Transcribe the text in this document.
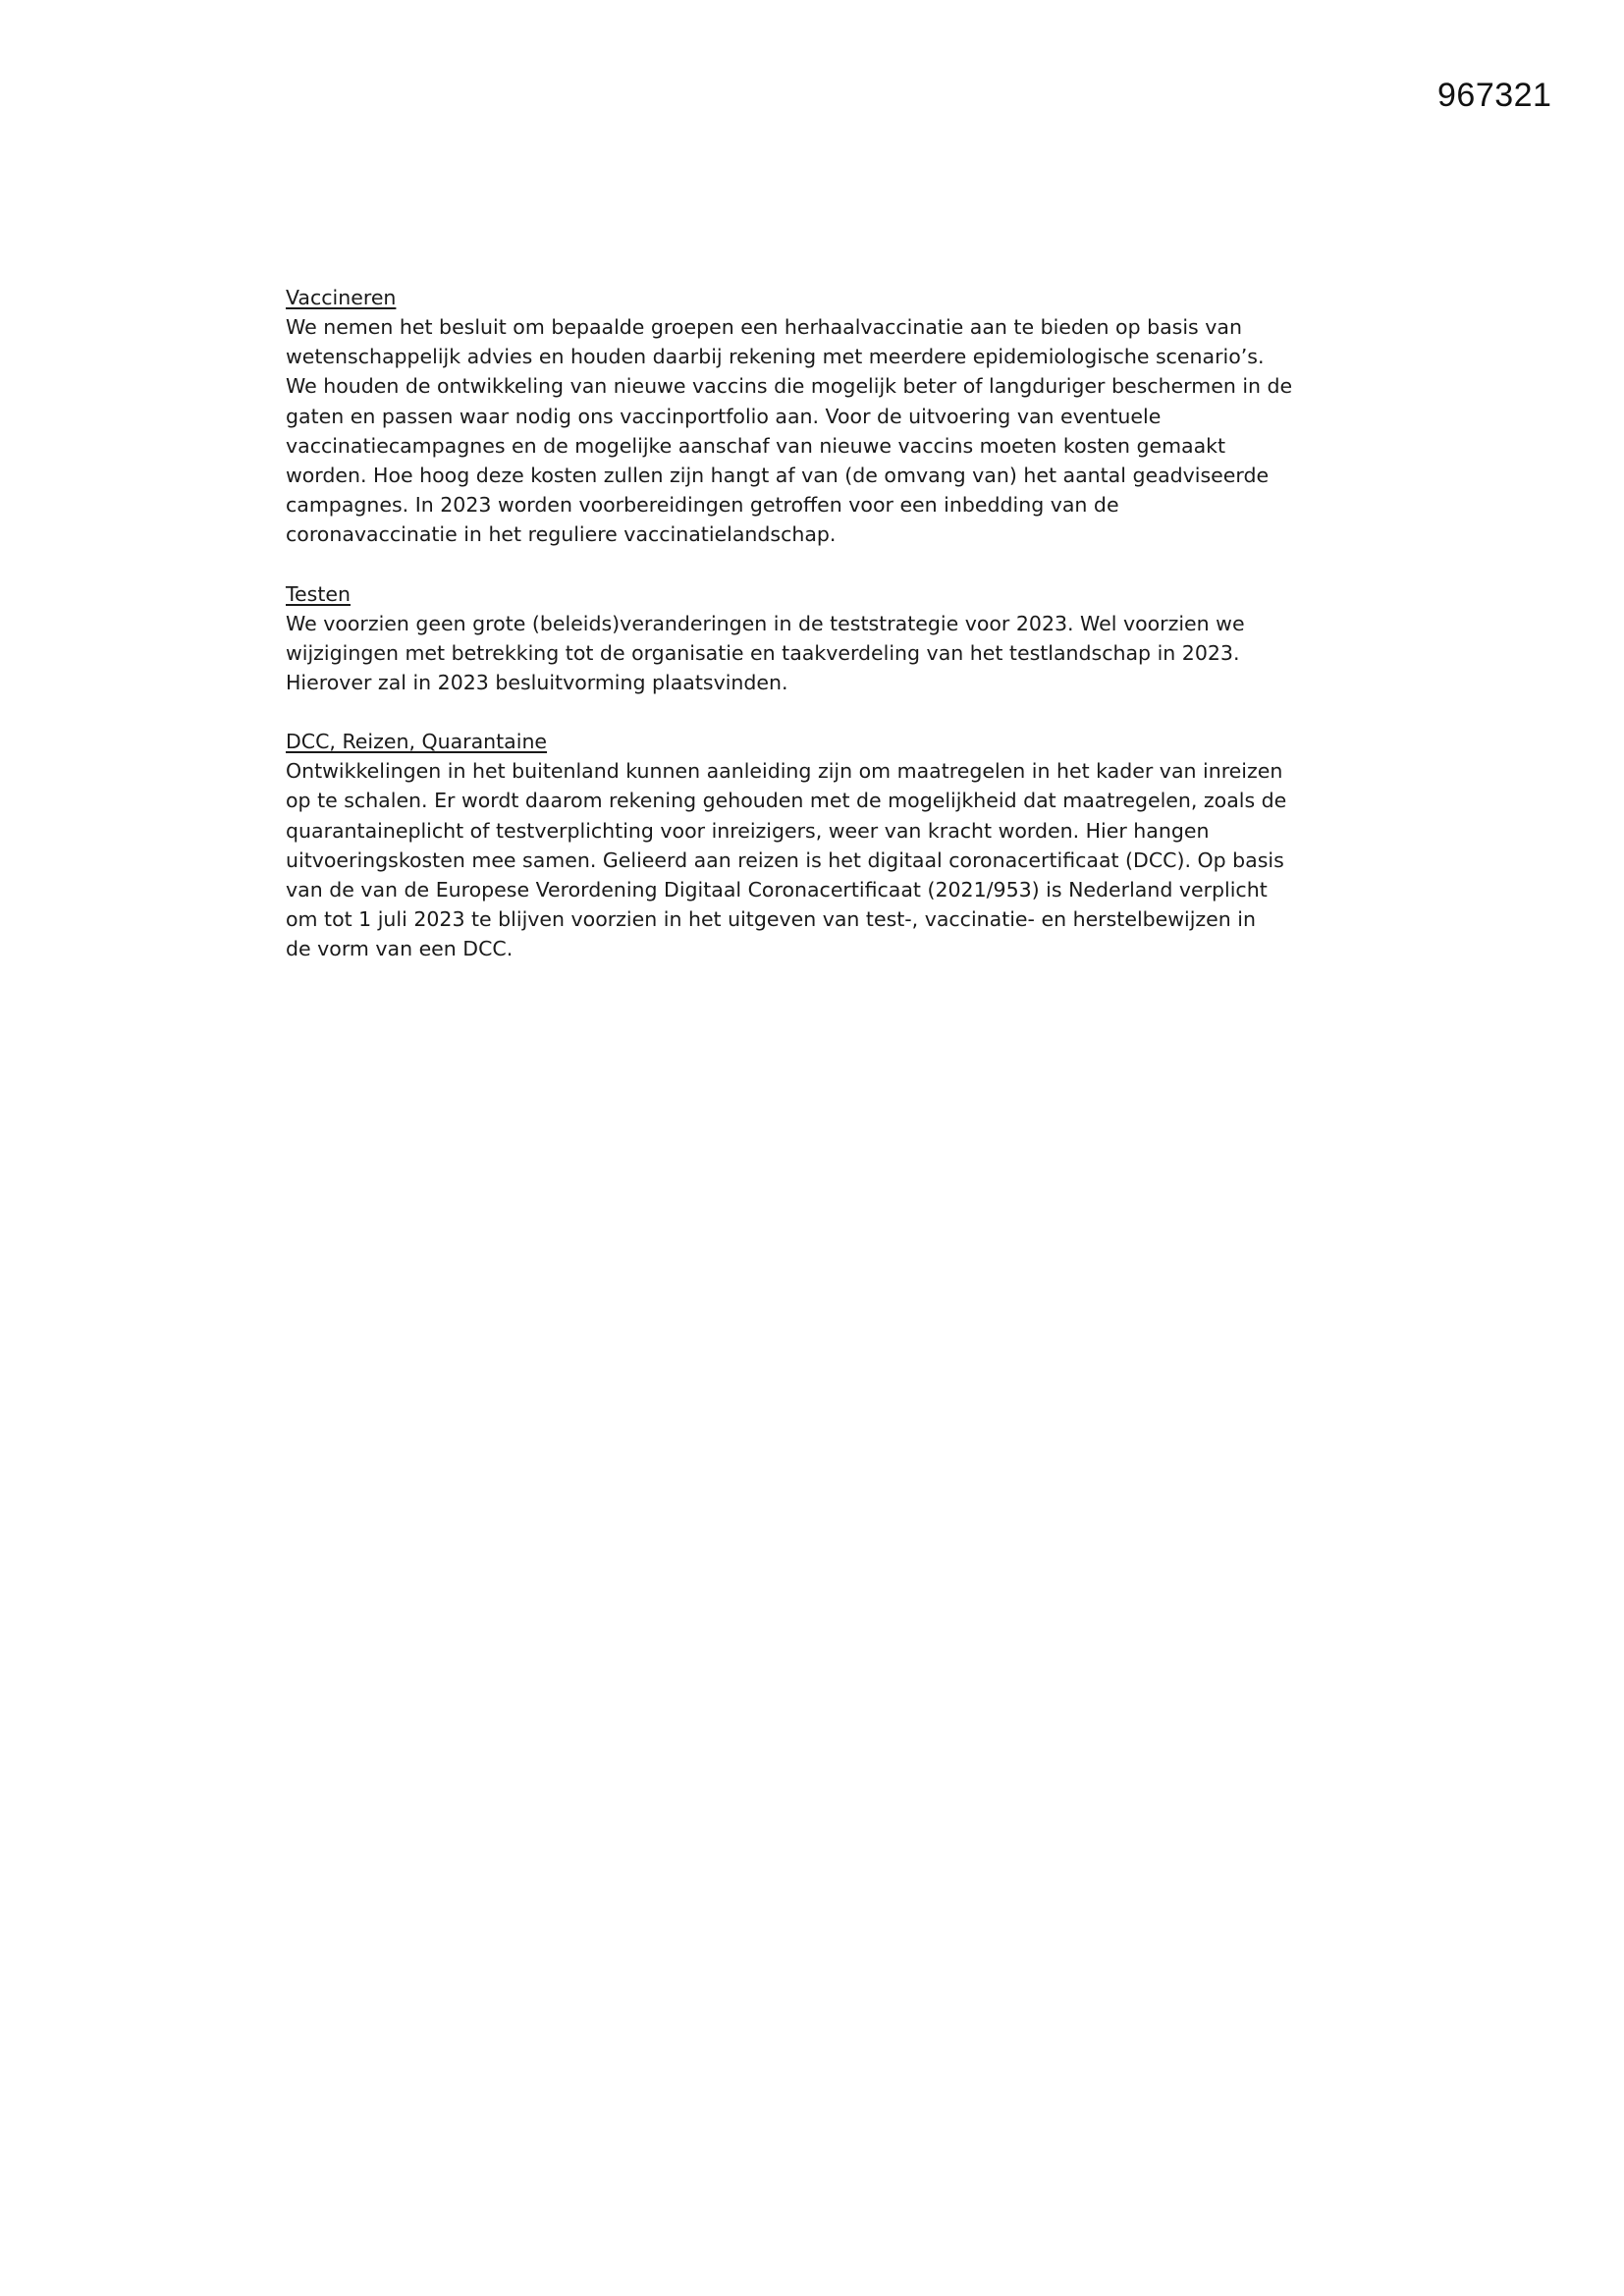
967321
Vaccineren
We nemen het besluit om bepaalde groepen een herhaalvaccinatie aan te bieden op basis van
wetenschappelijk advies en houden daarbij rekening met meerdere epidemiologische scenario’s.
We houden de ontwikkeling van nieuwe vaccins die mogelijk beter of langduriger beschermen in de
gaten en passen waar nodig ons vaccinportfolio aan. Voor de uitvoering van eventuele
vaccinatiecampagnes en de mogelijke aanschaf van nieuwe vaccins moeten kosten gemaakt
worden. Hoe hoog deze kosten zullen zijn hangt af van (de omvang van) het aantal geadviseerde
campagnes. In 2023 worden voorbereidingen getroffen voor een inbedding van de
coronavaccinatie in het reguliere vaccinatielandschap.
Testen
We voorzien geen grote (beleids)veranderingen in de teststrategie voor 2023. Wel voorzien we
wijzigingen met betrekking tot de organisatie en taakverdeling van het testlandschap in 2023.
Hierover zal in 2023 besluitvorming plaatsvinden.
DCC, Reizen, Quarantaine
Ontwikkelingen in het buitenland kunnen aanleiding zijn om maatregelen in het kader van inreizen
op te schalen. Er wordt daarom rekening gehouden met de mogelijkheid dat maatregelen, zoals de
quarantaineplicht of testverplichting voor inreizigers, weer van kracht worden. Hier hangen
uitvoeringskosten mee samen. Gelieerd aan reizen is het digitaal coronacertificaat (DCC). Op basis
van de van de Europese Verordening Digitaal Coronacertificaat (2021/953) is Nederland verplicht
om tot 1 juli 2023 te blijven voorzien in het uitgeven van test-, vaccinatie- en herstelbewijzen in
de vorm van een DCC.
